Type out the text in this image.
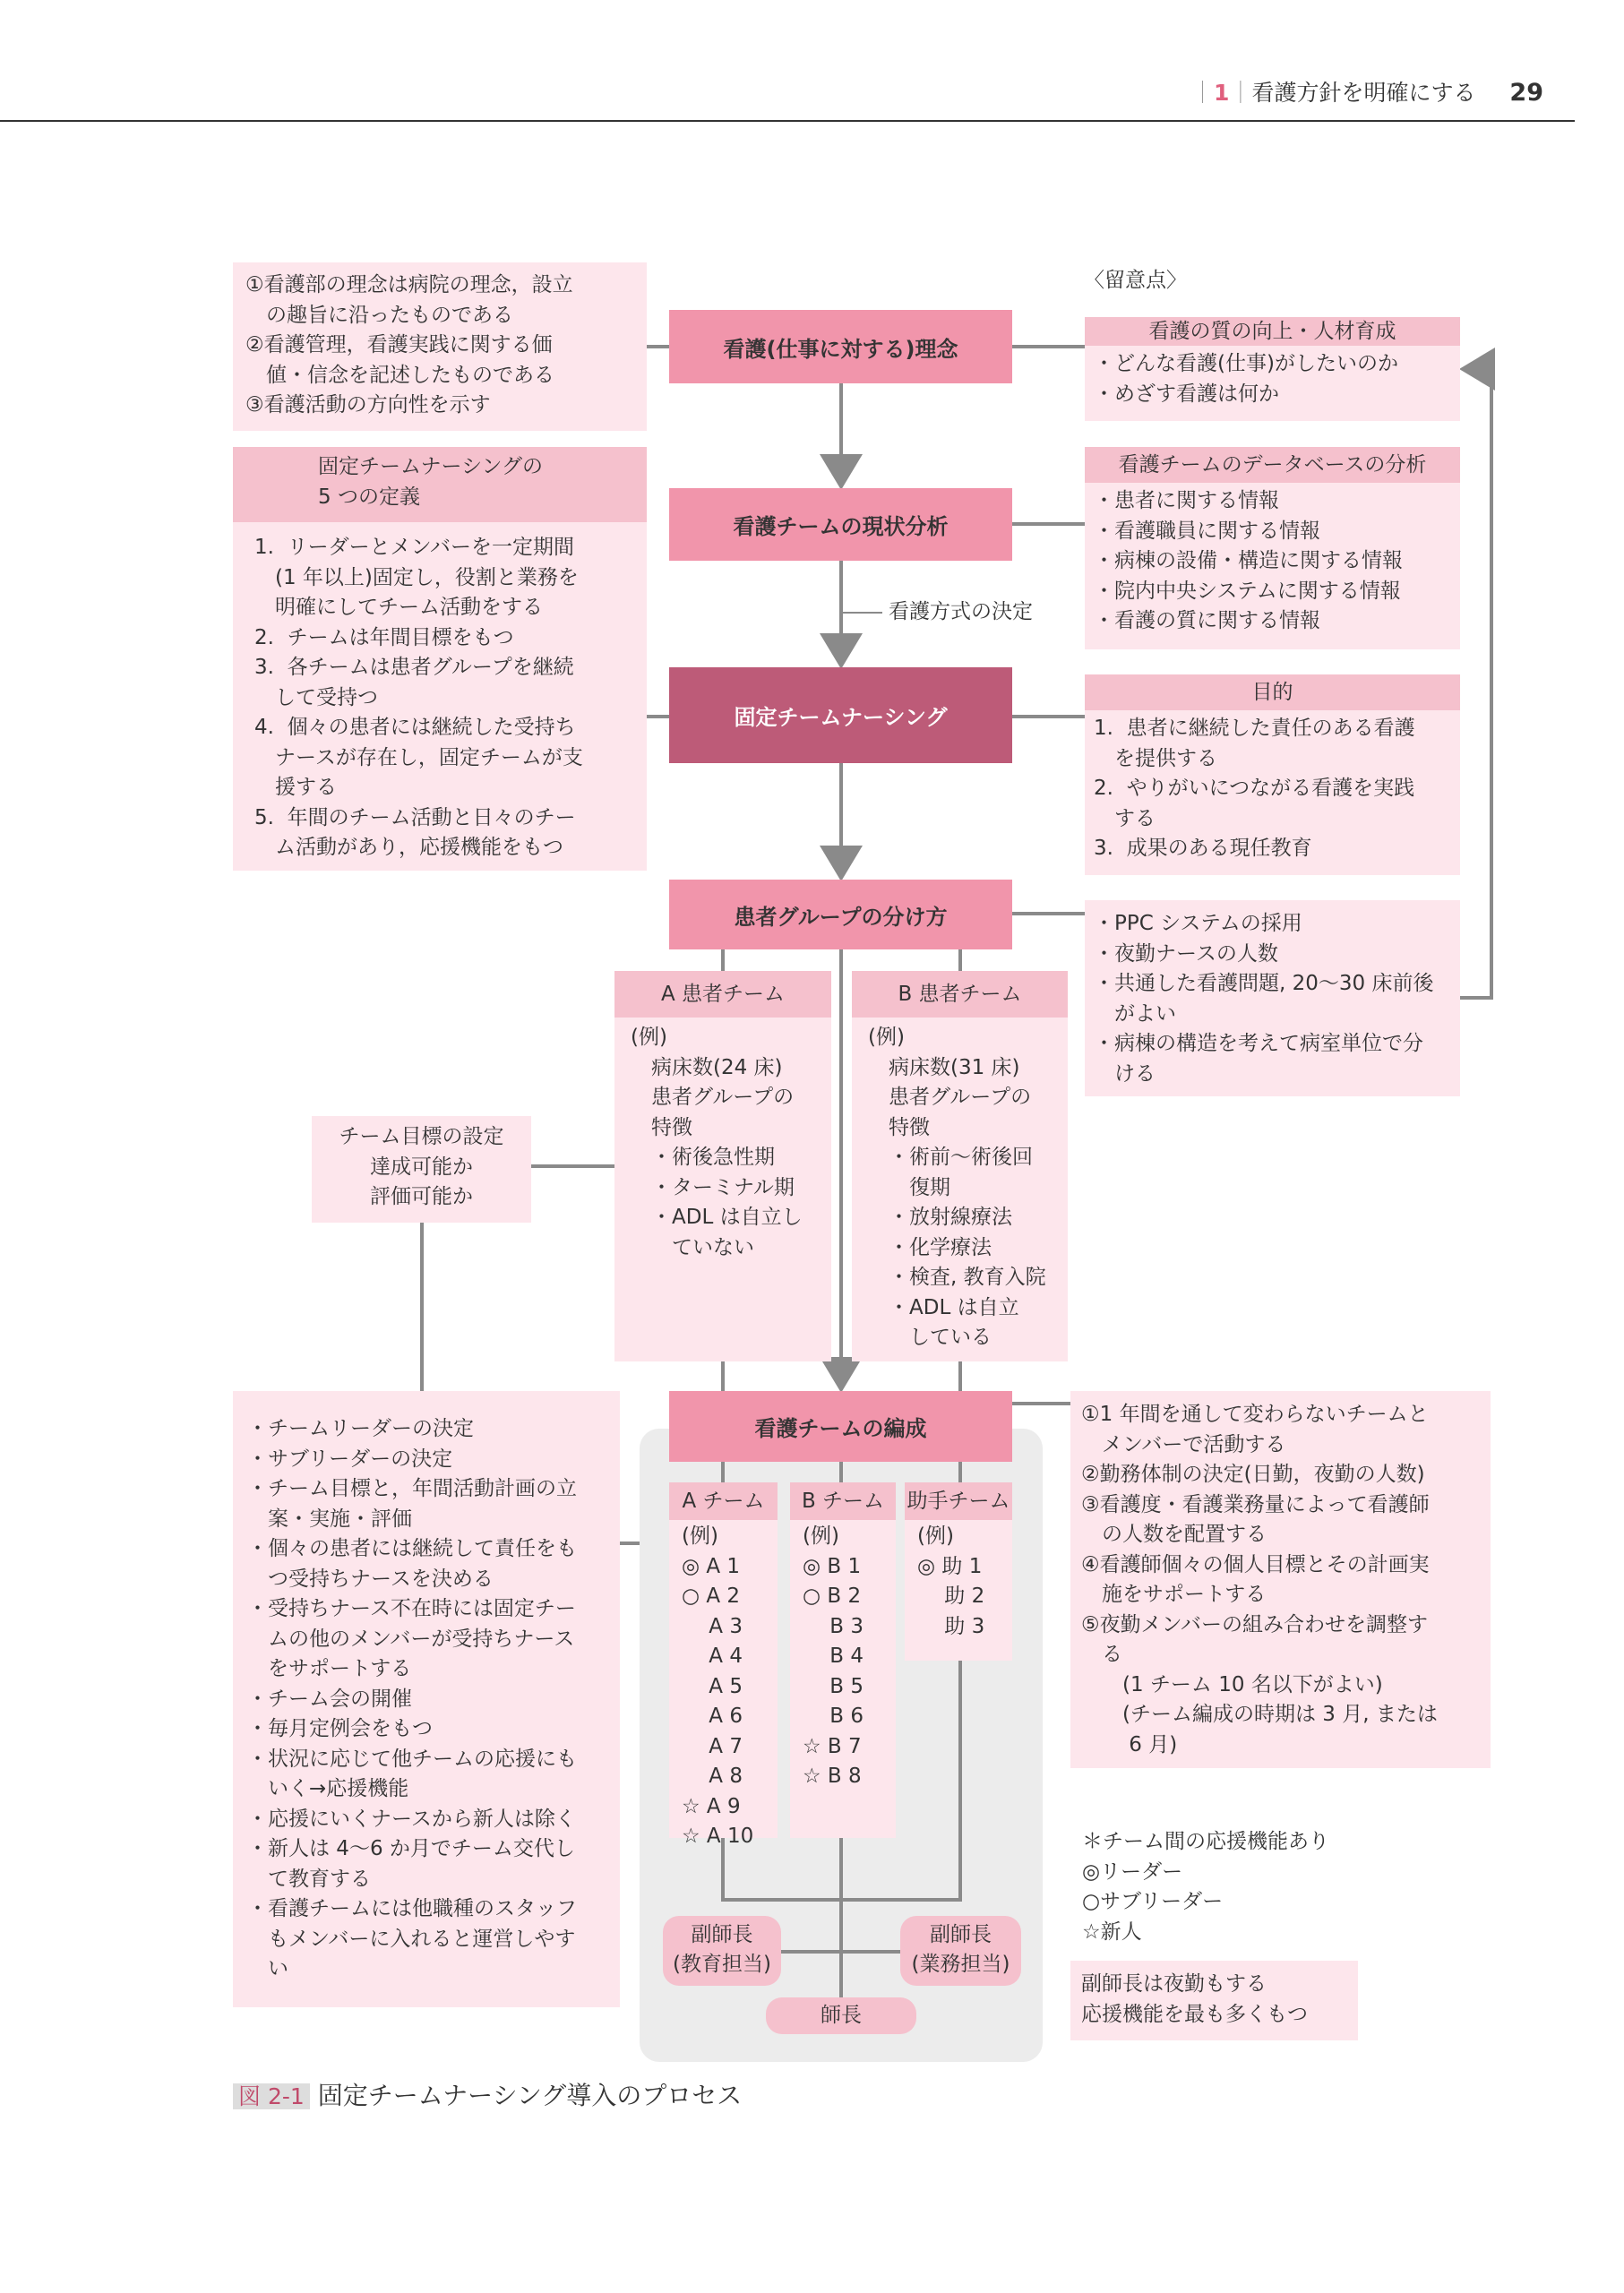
｜1｜看護方針を明確にする 29
〈留意点〉
①看護部の理念は病院の理念，設立
　の趣旨に沿ったものである
②看護管理，看護実践に関する価
　値・信念を記述したものである
③看護活動の方向性を示す
固定チームナーシングの
5 つの定義
1.  リーダーとメンバーを一定期間
　(1 年以上)固定し，役割と業務を
　明確にしてチーム活動をする
2.  チームは年間目標をもつ
3.  各チームは患者グループを継続
　して受持つ
4.  個々の患者には継続した受持ち
　ナースが存在し，固定チームが支
　援する
5.  年間のチーム活動と日々のチー
　ム活動があり，応援機能をもつ
看護(仕事に対する)理念
看護チームの現状分析
看護方式の決定
固定チームナーシング
患者グループの分け方
看護チームの編成
看護の質の向上・人材育成
・どんな看護(仕事)がしたいのか
・めざす看護は何か
看護チームのデータベースの分析
・患者に関する情報
・看護職員に関する情報
・病棟の設備・構造に関する情報
・院内中央システムに関する情報
・看護の質に関する情報
目的
1.  患者に継続した責任のある看護
　を提供する
2.  やりがいにつながる看護を実践
　する
3.  成果のある現任教育
・PPC システムの採用
・夜勤ナースの人数
・共通した看護問題, 20〜30 床前後
　がよい
・病棟の構造を考えて病室単位で分
　ける
A 患者チーム
(例)
　病床数(24 床)
　患者グループの
　特徴
　・術後急性期
　・ターミナル期
　・ADL は自立し
　　ていない
B 患者チーム
(例)
　病床数(31 床)
　患者グループの
　特徴
　・術前〜術後回
　　復期
　・放射線療法
　・化学療法
　・検査, 教育入院
　・ADL は自立
　　している
チーム目標の設定
達成可能か
評価可能か
・チームリーダーの決定
・サブリーダーの決定
・チーム目標と，年間活動計画の立
　案・実施・評価
・個々の患者には継続して責任をも
　つ受持ちナースを決める
・受持ちナース不在時には固定チー
　ムの他のメンバーが受持ちナース
　をサポートする
・チーム会の開催
・毎月定例会をもつ
・状況に応じて他チームの応援にも
　いく→応援機能
・応援にいくナースから新人は除く
・新人は 4〜6 か月でチーム交代し
　て教育する
・看護チームには他職種のスタッフ
　もメンバーに入れると運営しやす
　い
A チーム
(例)
◎ A 1
○ A 2
　 A 3
　 A 4
　 A 5
　 A 6
　 A 7
　 A 8
☆ A 9
☆ A 10
B チーム
(例)
◎ B 1
○ B 2
　 B 3
　 B 4
　 B 5
　 B 6
☆ B 7
☆ B 8
助手チーム
(例)
◎ 助 1
　 助 2
　 助 3
副師長
(教育担当)
副師長
(業務担当)
師長
①1 年間を通して変わらないチームと
　メンバーで活動する
②勤務体制の決定(日勤，夜勤の人数)
③看護度・看護業務量によって看護師
　の人数を配置する
④看護師個々の個人目標とその計画実
　施をサポートする
⑤夜勤メンバーの組み合わせを調整す
　る
　　(1 チーム 10 名以下がよい)
　　(チーム編成の時期は 3 月, または
　　 6 月)
＊チーム間の応援機能あり
◎リーダー
○サブリーダー
☆新人
副師長は夜勤もする
応援機能を最も多くもつ
図 2-1 固定チームナーシング導入のプロセス
